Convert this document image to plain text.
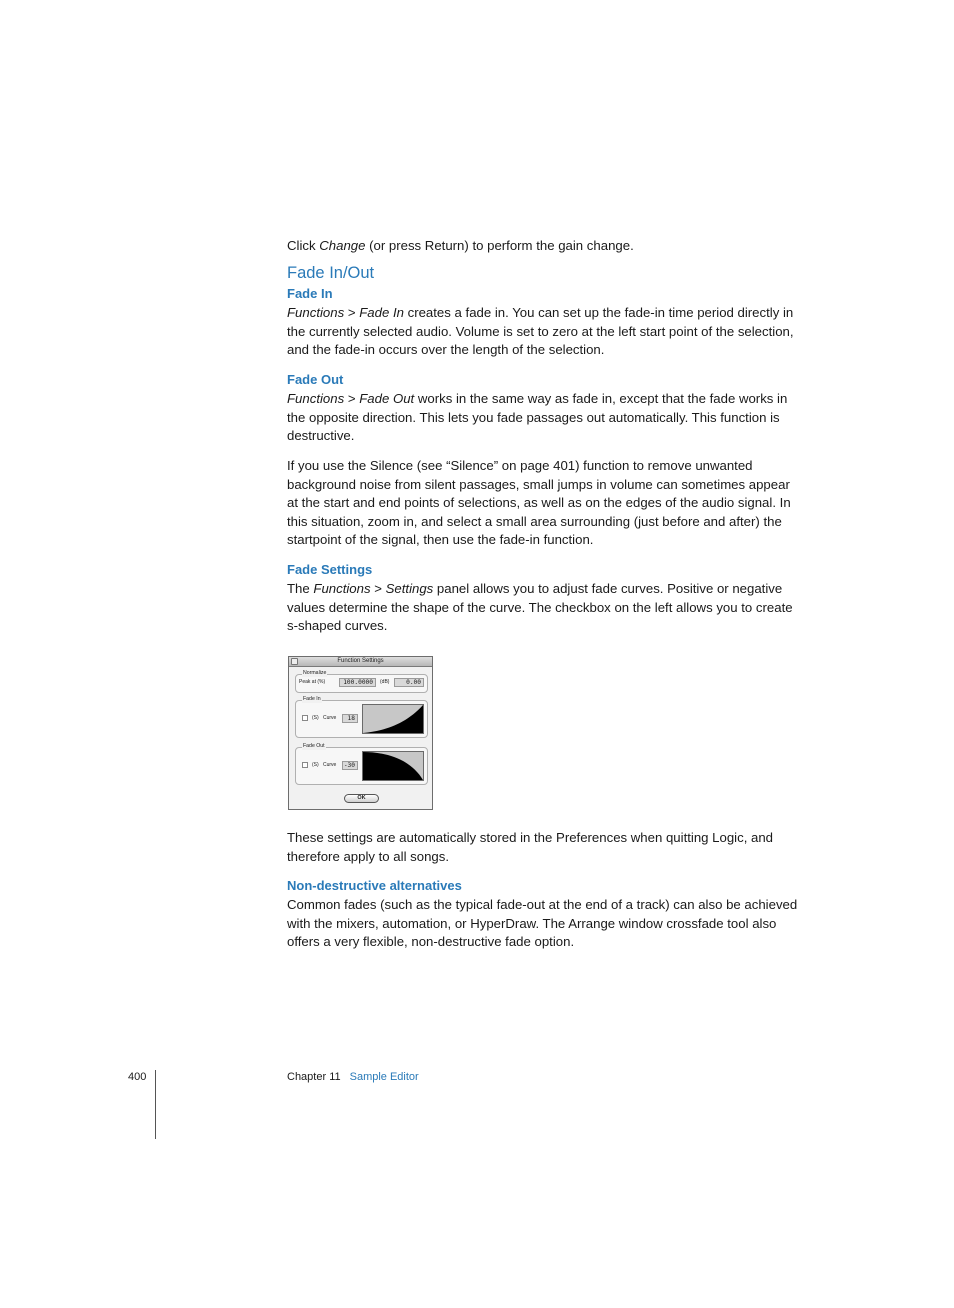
Click Change (or press Return) to perform the gain change.

Fade In/Out
Fade In

Functions > Fade In creates a fade in. You can set up the fade-in time period directly in the currently selected audio. Volume is set to zero at the left start point of the selection, and the fade-in occurs over the length of the selection.

Fade Out

Functions > Fade Out works in the same way as fade in, except that the fade works in the opposite direction. This lets you fade passages out automatically. This function is destructive.

If you use the Silence (see “Silence” on page 401) function to remove unwanted background noise from silent passages, small jumps in volume can sometimes appear at the start and end points of selections, as well as on the edges of the audio signal. In this situation, zoom in, and select a small area surrounding (just before and after) the startpoint of the signal, then use the fade-in function.

Fade Settings

The Functions > Settings panel allows you to adjust fade curves. Positive or negative values determine the shape of the curve. The checkbox on the left allows you to create s-shaped curves.

Function Settings
Normalize
Peak at (%)	100.0000	(dB)	0.00
Fade In
(S) Curve	18
Fade Out
(S) Curve -30
OK

These settings are automatically stored in the Preferences when quitting Logic, and therefore apply to all songs.

Non-destructive alternatives

Common fades (such as the typical fade-out at the end of a track) can also be achieved with the mixers, automation, or HyperDraw. The Arrange window crossfade tool also offers a very flexible, non-destructive fade option.

400	Chapter 11 Sample Editor
